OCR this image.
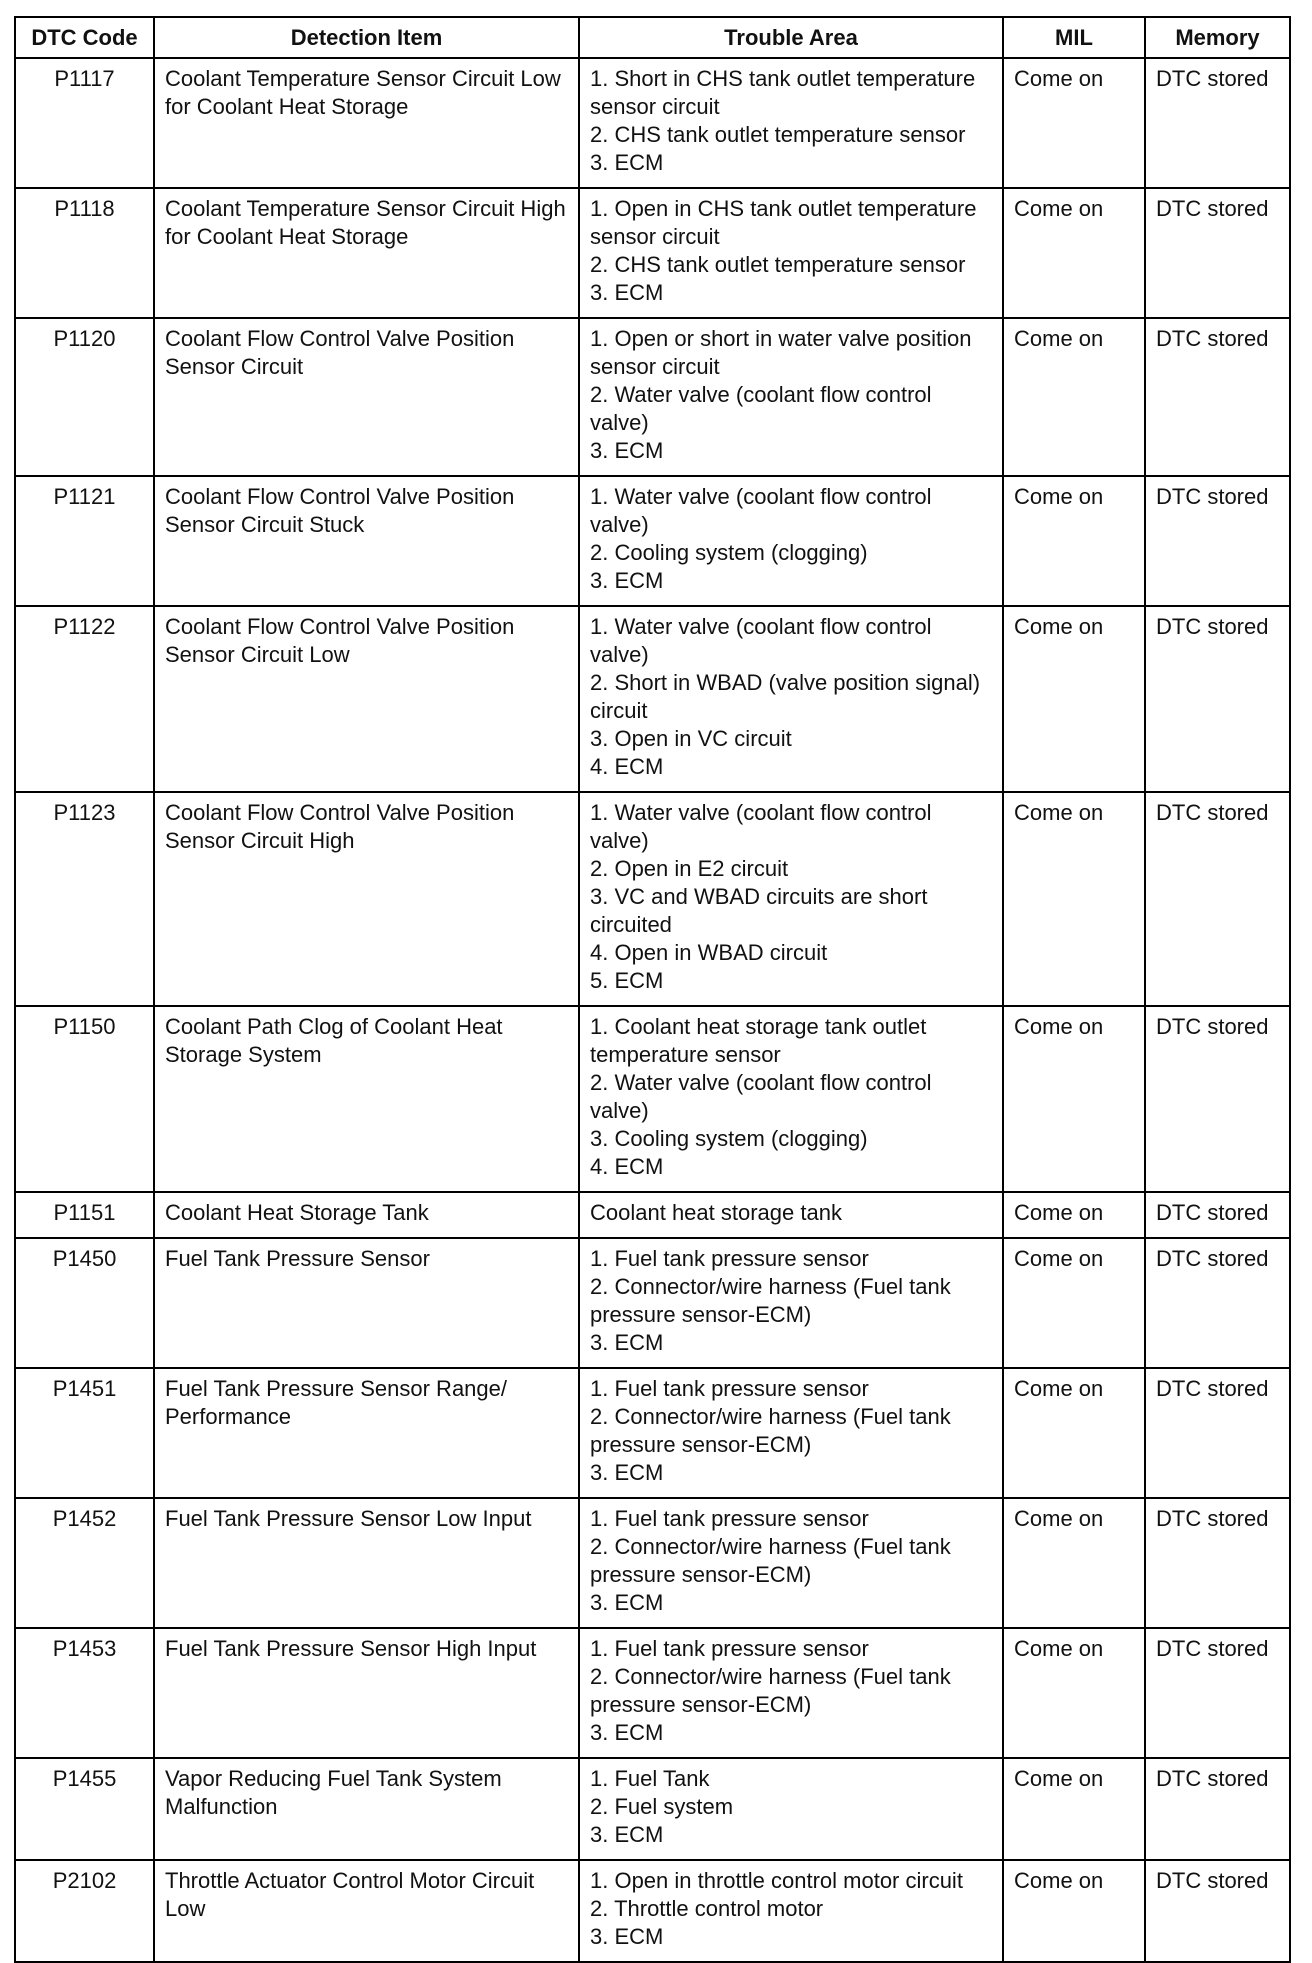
DTC Code	Detection Item	Trouble Area	MIL	Memory
P1117	Coolant Temperature Sensor Circuit Low for Coolant Heat Storage	1. Short in CHS tank outlet temperature sensor circuit
2. CHS tank outlet temperature sensor
3. ECM	Come on	DTC stored
P1118	Coolant Temperature Sensor Circuit High for Coolant Heat Storage	1. Open in CHS tank outlet temperature sensor circuit
2. CHS tank outlet temperature sensor
3. ECM	Come on	DTC stored
P1120	Coolant Flow Control Valve Position Sensor Circuit	1. Open or short in water valve position sensor circuit
2. Water valve (coolant flow control valve)
3. ECM	Come on	DTC stored
P1121	Coolant Flow Control Valve Position Sensor Circuit Stuck	1. Water valve (coolant flow control valve)
2. Cooling system (clogging)
3. ECM	Come on	DTC stored
P1122	Coolant Flow Control Valve Position Sensor Circuit Low	1. Water valve (coolant flow control valve)
2. Short in WBAD (valve position signal) circuit
3. Open in VC circuit
4. ECM	Come on	DTC stored
P1123	Coolant Flow Control Valve Position Sensor Circuit High	1. Water valve (coolant flow control valve)
2. Open in E2 circuit
3. VC and WBAD circuits are short circuited
4. Open in WBAD circuit
5. ECM	Come on	DTC stored
P1150	Coolant Path Clog of Coolant Heat Storage System	1. Coolant heat storage tank outlet temperature sensor
2. Water valve (coolant flow control valve)
3. Cooling system (clogging)
4. ECM	Come on	DTC stored
P1151	Coolant Heat Storage Tank	Coolant heat storage tank	Come on	DTC stored
P1450	Fuel Tank Pressure Sensor	1. Fuel tank pressure sensor
2. Connector/wire harness (Fuel tank pressure sensor-ECM)
3. ECM	Come on	DTC stored
P1451	Fuel Tank Pressure Sensor Range/ Performance	1. Fuel tank pressure sensor
2. Connector/wire harness (Fuel tank pressure sensor-ECM)
3. ECM	Come on	DTC stored
P1452	Fuel Tank Pressure Sensor Low Input	1. Fuel tank pressure sensor
2. Connector/wire harness (Fuel tank pressure sensor-ECM)
3. ECM	Come on	DTC stored
P1453	Fuel Tank Pressure Sensor High Input	1. Fuel tank pressure sensor
2. Connector/wire harness (Fuel tank pressure sensor-ECM)
3. ECM	Come on	DTC stored
P1455	Vapor Reducing Fuel Tank System Malfunction	1. Fuel Tank
2. Fuel system
3. ECM	Come on	DTC stored
P2102	Throttle Actuator Control Motor Circuit Low	1. Open in throttle control motor circuit
2. Throttle control motor
3. ECM	Come on	DTC stored
